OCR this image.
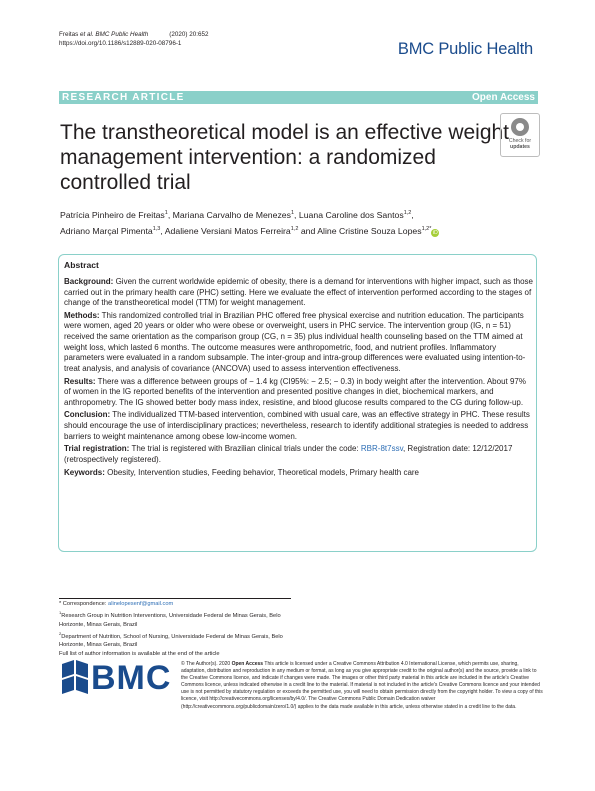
Freitas et al. BMC Public Health	(2020) 20:652
https://doi.org/10.1186/s12889-020-08796-1	BMC Public Health
RESEARCH ARTICLE	Open Access
The transtheoretical model is an effective weight management intervention: a randomized controlled trial
Check for
updates
Patrícia Pinheiro de Freitas$^1$, Mariana Carvalho de Menezes$^1$, Luana Caroline dos Santos$^{1,2}$,
Adriano Marçal Pimenta$^{1,3}$, Adaliene Versiani Matos Ferreira$^{1,2}$ and Aline Cristine Souza Lopes$^{1,2*}$iD
Abstract

Background: Given the current worldwide epidemic of obesity, there is a demand for interventions with higher impact, such as those carried out in the primary health care (PHC) setting. Here we evaluate the effect of intervention performed according to the stages of change of the transtheoretical model (TTM) for weight management.

Methods: This randomized controlled trial in Brazilian PHC offered free physical exercise and nutrition education. The participants were women, aged 20 years or older who were obese or overweight, users in PHC service. The intervention group (IG, n = 51) received the same orientation as the comparison group (CG, n = 35) plus individual health counseling based on the TTM aimed at weight loss, which lasted 6 months. The outcome measures were anthropometric, food, and nutrient profiles. Inflammatory parameters were evaluated in a random subsample. The inter-group and intra-group differences were evaluated using intention-to-treat analysis, and analysis of covariance (ANCOVA) used to assess intervention effectiveness.

Results: There was a difference between groups of − 1.4 kg (CI95%: − 2.5; − 0.3) in body weight after the intervention. About 97% of women in the IG reported benefits of the intervention and presented positive changes in diet, biochemical markers, and anthropometry. The IG showed better body mass index, resistine, and blood glucose results compared to the CG during follow-up.

Conclusion: The individualized TTM-based intervention, combined with usual care, was an effective strategy in PHC. These results should encourage the use of interdisciplinary practices; nevertheless, research to identify additional strategies is needed to address barriers to weight maintenance among obese low-income women.

Trial registration: The trial is registered with Brazilian clinical trials under the code: RBR-8t7ssv, Registration date: 12/12/2017 (retrospectively registered).

Keywords: Obesity, Intervention studies, Feeding behavior, Theoretical models, Primary health care

* Correspondence: alinelopesenf@gmail.com
$^1$Research Group in Nutrition Interventions, Universidade Federal de Minas Gerais, Belo Horizonte, Minas Gerais, Brazil
$^2$Department of Nutrition, School of Nursing, Universidade Federal de Minas Gerais, Belo Horizonte, Minas Gerais, Brazil
Full list of author information is available at the end of the article
BMC © The Author(s). 2020 Open Access This article is licensed under a Creative Commons Attribution 4.0 International License, which permits use, sharing, adaptation, distribution and reproduction in any medium or format, as long as you give appropriate credit to the original author(s) and the source, provide a link to the Creative Commons licence, and indicate if changes were made. The images or other third party material in this article are included in the article's Creative Commons licence, unless indicated otherwise in a credit line to the material. If material is not included in the article's Creative Commons licence and your intended use is not permitted by statutory regulation or exceeds the permitted use, you will need to obtain permission directly from the copyright holder. To view a copy of this licence, visit http://creativecommons.org/licenses/by/4.0/. The Creative Commons Public Domain Dedication waiver (http://creativecommons.org/publicdomain/zero/1.0/) applies to the data made available in this article, unless otherwise stated in a credit line to the data.
